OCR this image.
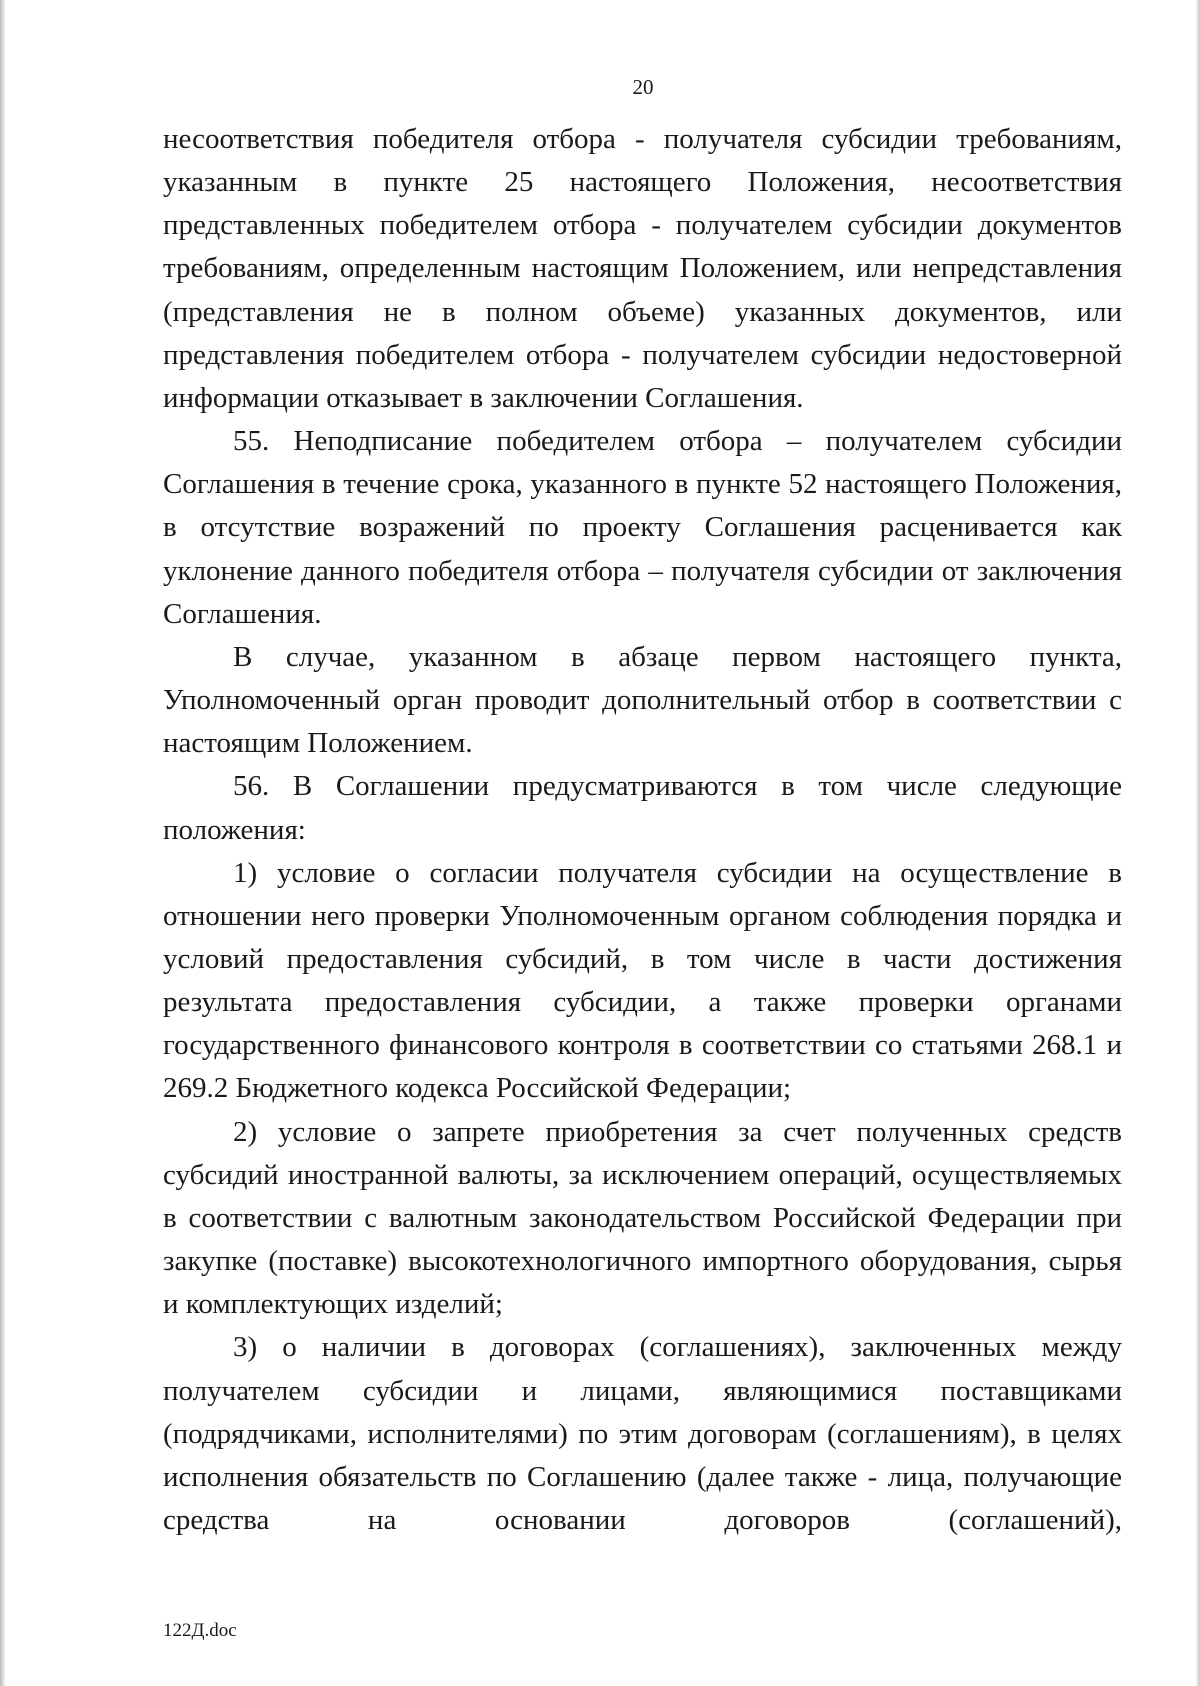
20

несоответствия победителя отбора - получателя субсидии требованиям, указанным в пункте 25 настоящего Положения, несоответствия представленных победителем отбора - получателем субсидии документов требованиям, определенным настоящим Положением, или непредставления (представления не в полном объеме) указанных документов, или представления победителем отбора - получателем субсидии недостоверной информации отказывает в заключении Соглашения.

55. Неподписание победителем отбора – получателем субсидии Соглашения в течение срока, указанного в пункте 52 настоящего Положения, в отсутствие возражений по проекту Соглашения расценивается как уклонение данного победителя отбора – получателя субсидии от заключения Соглашения.

В случае, указанном в абзаце первом настоящего пункта, Уполномоченный орган проводит дополнительный отбор в соответствии с настоящим Положением.

56. В Соглашении предусматриваются в том числе следующие положения:

1) условие о согласии получателя субсидии на осуществление в отношении него проверки Уполномоченным органом соблюдения порядка и условий предоставления субсидий, в том числе в части достижения результата предоставления субсидии, а также проверки органами государственного финансового контроля в соответствии со статьями 268.1 и 269.2 Бюджетного кодекса Российской Федерации;

2) условие о запрете приобретения за счет полученных средств субсидий иностранной валюты, за исключением операций, осуществляемых в соответствии с валютным законодательством Российской Федерации при закупке (поставке) высокотехнологичного импортного оборудования, сырья и комплектующих изделий;

3) о наличии в договорах (соглашениях), заключенных между получателем субсидии и лицами, являющимися поставщиками (подрядчиками, исполнителями) по этим договорам (соглашениям), в целях исполнения обязательств по Соглашению (далее также - лица, получающие средства на основании договоров (соглашений),

122Д.doc
